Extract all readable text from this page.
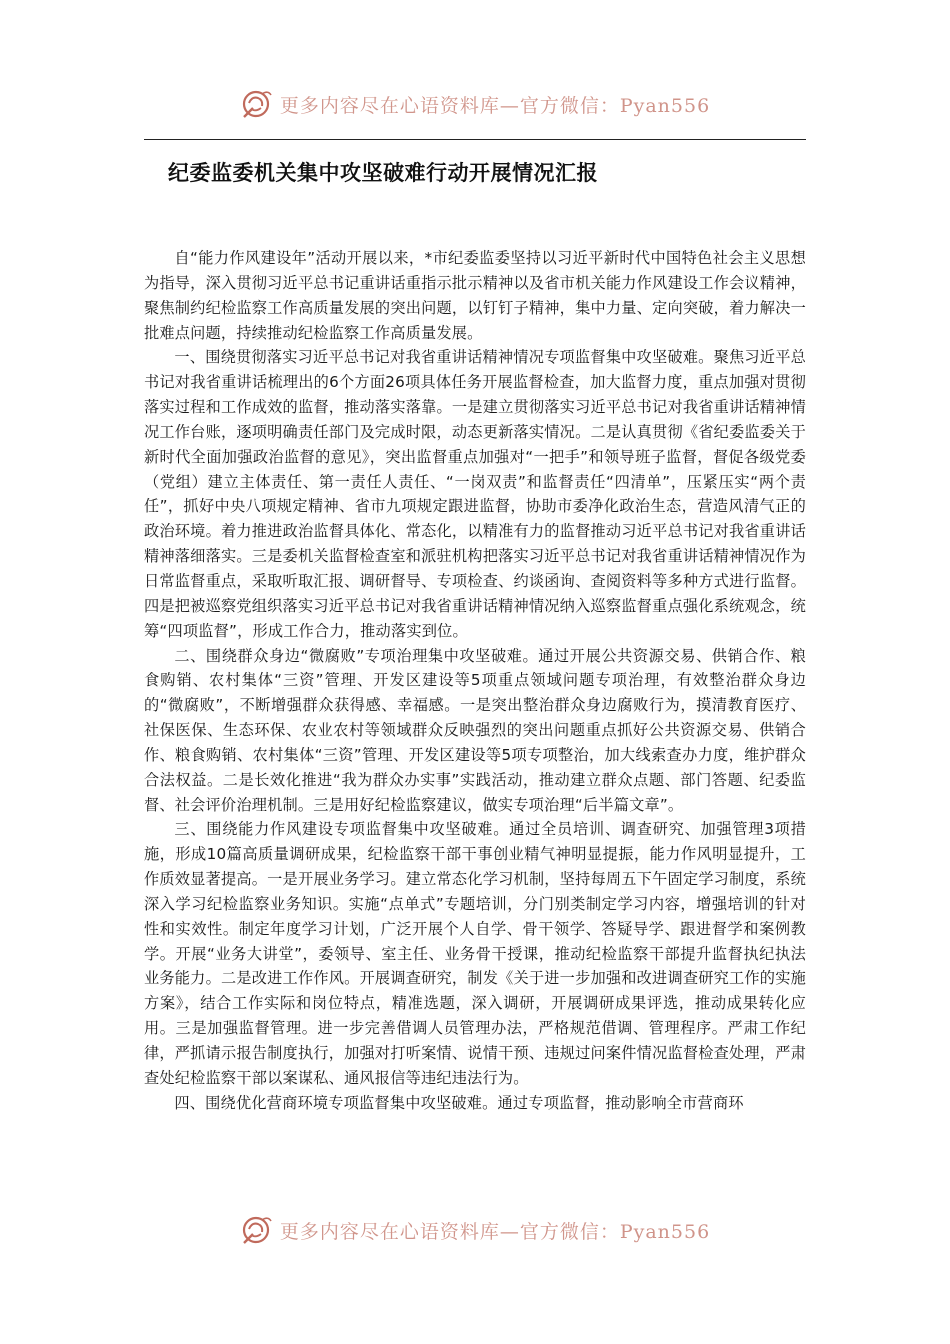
更多内容尽在心语资料库—官方微信：Pyan556
纪委监委机关集中攻坚破难行动开展情况汇报

自“能力作风建设年”活动开展以来，*市纪委监委坚持以习近平新时代中国特色社会主义思想为指导，深入贯彻习近平总书记重讲话重指示批示精神以及省市机关能力作风建设工作会议精神，聚焦制约纪检监察工作高质量发展的突出问题，以钉钉子精神，集中力量、定向突破，着力解决一批难点问题，持续推动纪检监察工作高质量发展。

一、围绕贯彻落实习近平总书记对我省重讲话精神情况专项监督集中攻坚破难。聚焦习近平总书记对我省重讲话梳理出的6个方面26项具体任务开展监督检查，加大监督力度，重点加强对贯彻落实过程和工作成效的监督，推动落实落靠。一是建立贯彻落实习近平总书记对我省重讲话精神情况工作台账，逐项明确责任部门及完成时限，动态更新落实情况。二是认真贯彻《省纪委监委关于新时代全面加强政治监督的意见》，突出监督重点加强对“一把手”和领导班子监督，督促各级党委（党组）建立主体责任、第一责任人责任、“一岗双责”和监督责任“四清单”，压紧压实“两个责任”，抓好中央八项规定精神、省市九项规定跟进监督，协助市委净化政治生态，营造风清气正的政治环境。着力推进政治监督具体化、常态化，以精准有力的监督推动习近平总书记对我省重讲话精神落细落实。三是委机关监督检查室和派驻机构把落实习近平总书记对我省重讲话精神情况作为日常监督重点，采取听取汇报、调研督导、专项检查、约谈函询、查阅资料等多种方式进行监督。四是把被巡察党组织落实习近平总书记对我省重讲话精神情况纳入巡察监督重点强化系统观念，统筹“四项监督”，形成工作合力，推动落实到位。

二、围绕群众身边“微腐败”专项治理集中攻坚破难。通过开展公共资源交易、供销合作、粮食购销、农村集体“三资”管理、开发区建设等5项重点领域问题专项治理，有效整治群众身边的“微腐败”，不断增强群众获得感、幸福感。一是突出整治群众身边腐败行为，摸清教育医疗、社保医保、生态环保、农业农村等领域群众反映强烈的突出问题重点抓好公共资源交易、供销合作、粮食购销、农村集体“三资”管理、开发区建设等5项专项整治，加大线索查办力度，维护群众合法权益。二是长效化推进“我为群众办实事”实践活动，推动建立群众点题、部门答题、纪委监督、社会评价治理机制。三是用好纪检监察建议，做实专项治理“后半篇文章”。

三、围绕能力作风建设专项监督集中攻坚破难。通过全员培训、调查研究、加强管理3项措施，形成10篇高质量调研成果，纪检监察干部干事创业精气神明显提振，能力作风明显提升，工作质效显著提高。一是开展业务学习。建立常态化学习机制，坚持每周五下午固定学习制度，系统深入学习纪检监察业务知识。实施“点单式”专题培训，分门别类制定学习内容，增强培训的针对性和实效性。制定年度学习计划，广泛开展个人自学、骨干领学、答疑导学、跟进督学和案例教学。开展“业务大讲堂”，委领导、室主任、业务骨干授课，推动纪检监察干部提升监督执纪执法业务能力。二是改进工作作风。开展调查研究，制发《关于进一步加强和改进调查研究工作的实施方案》，结合工作实际和岗位特点，精准选题，深入调研，开展调研成果评选，推动成果转化应用。三是加强监督管理。进一步完善借调人员管理办法，严格规范借调、管理程序。严肃工作纪律，严抓请示报告制度执行，加强对打听案情、说情干预、违规过问案件情况监督检查处理，严肃查处纪检监察干部以案谋私、通风报信等违纪违法行为。

四、围绕优化营商环境专项监督集中攻坚破难。通过专项监督，推动影响全市营商环

更多内容尽在心语资料库—官方微信：Pyan556
